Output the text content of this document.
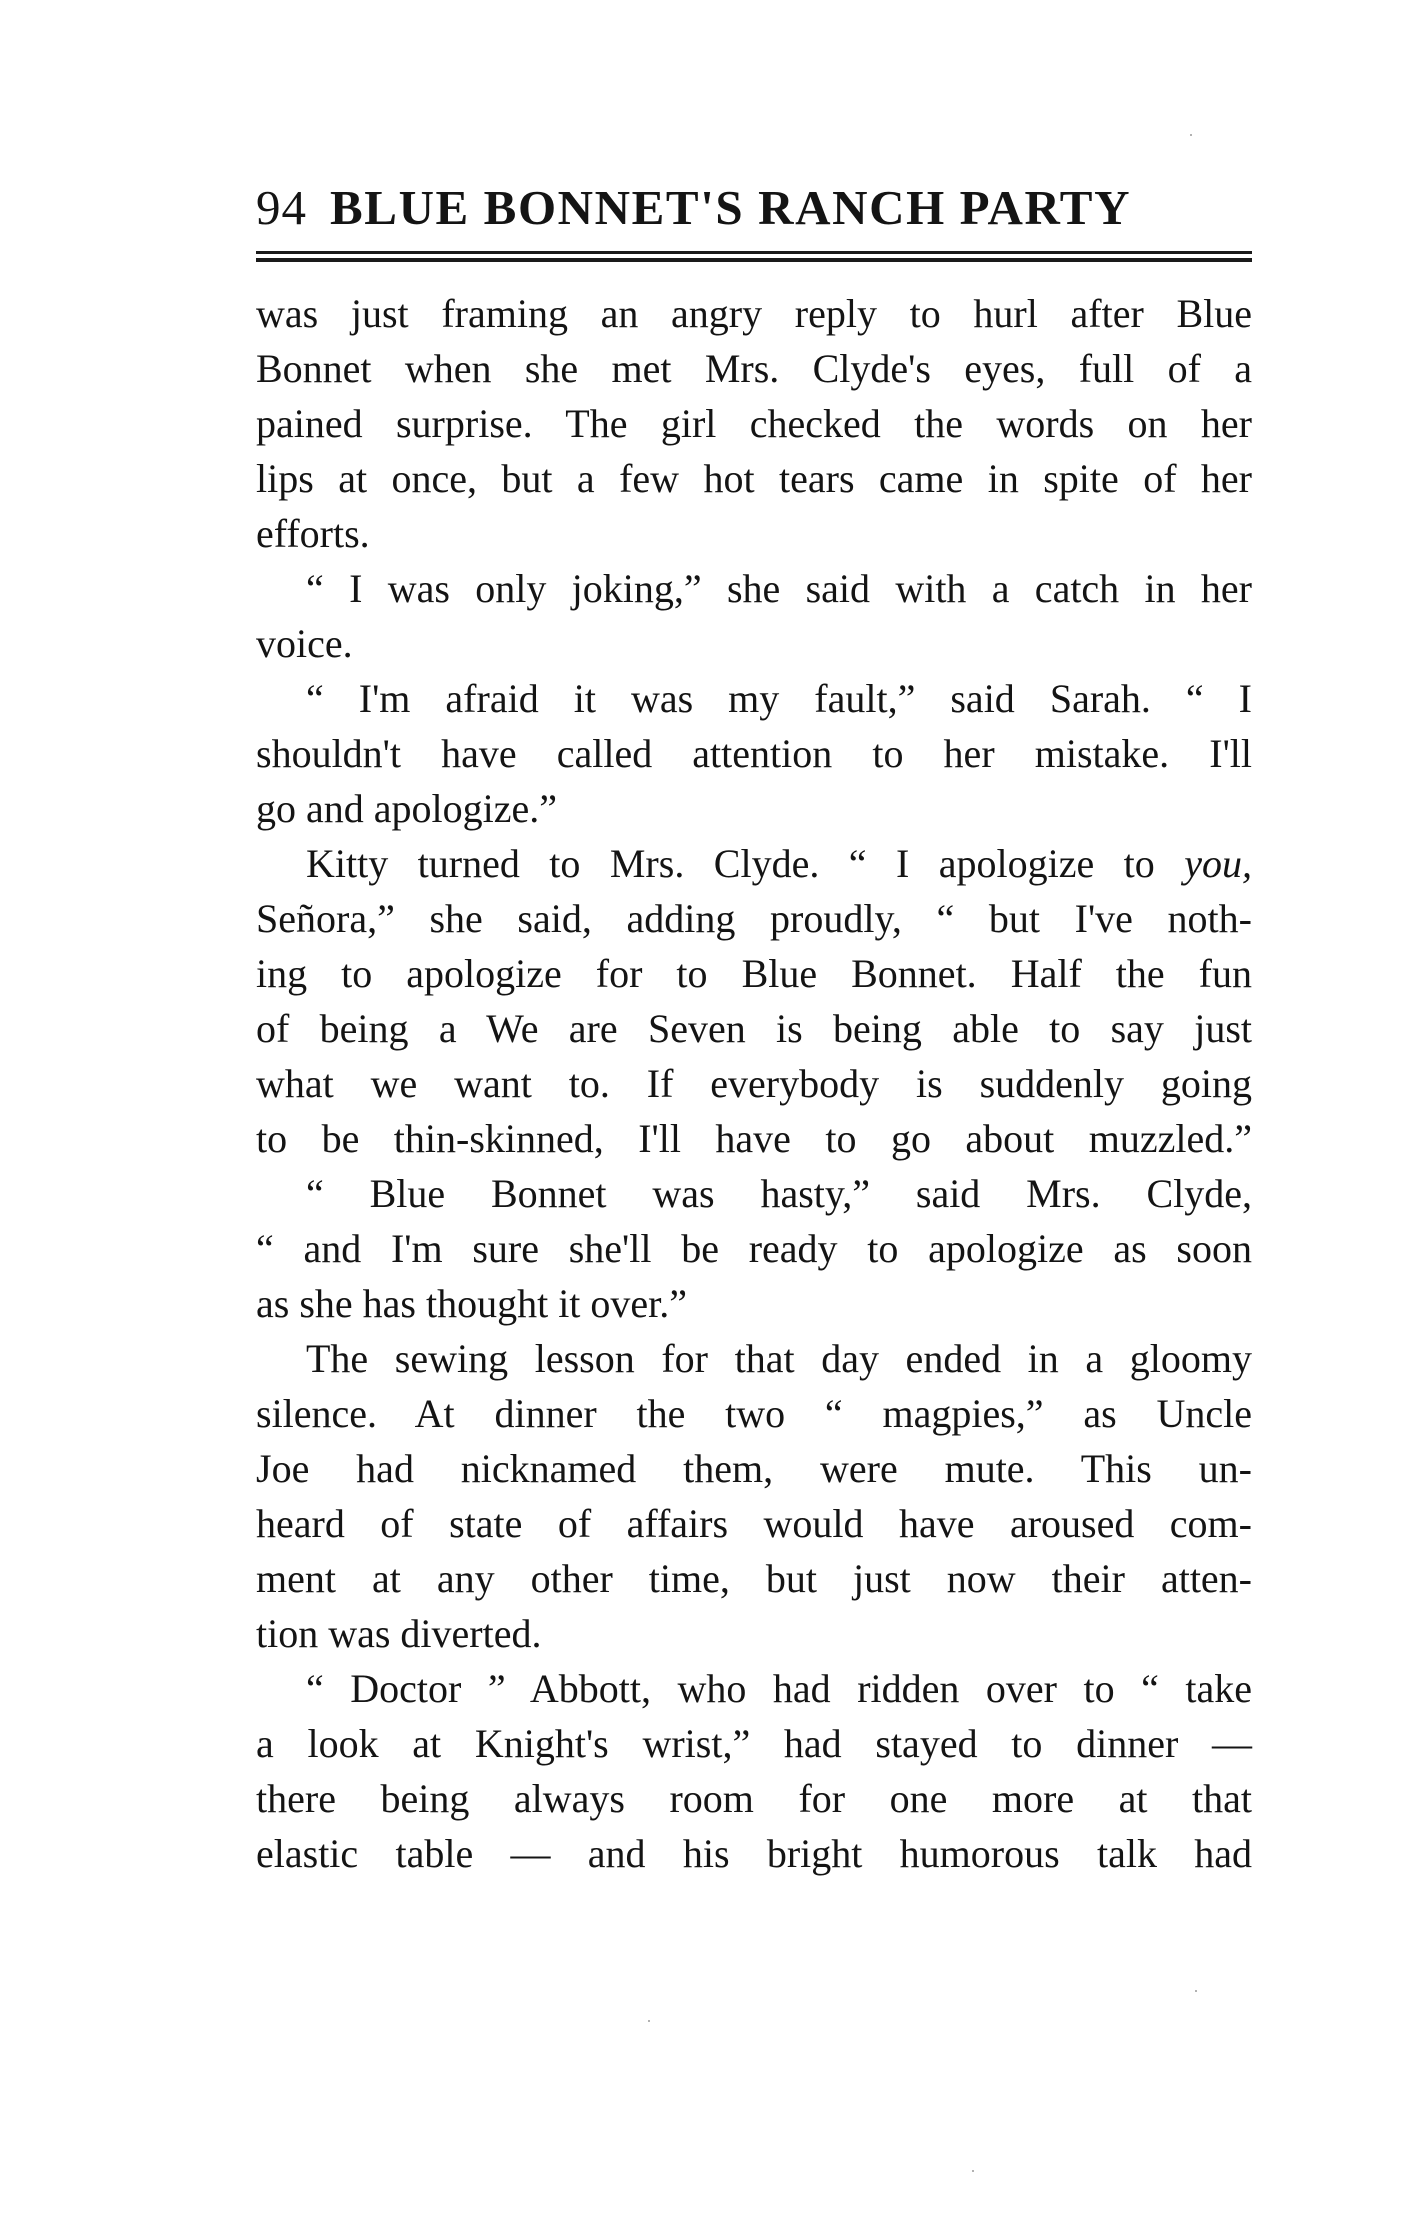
94 BLUE BONNET'S RANCH PARTY
was just framing an angry reply to hurl after Blue
Bonnet when she met Mrs. Clyde's eyes, full of a
pained surprise. The girl checked the words on her
lips at once, but a few hot tears came in spite of her
efforts.
“ I was only joking,” she said with a catch in her
voice.
“ I'm afraid it was my fault,” said Sarah. “ I
shouldn't have called attention to her mistake. I'll
go and apologize.”
Kitty turned to Mrs. Clyde. “ I apologize to you,
Señora,” she said, adding proudly, “ but I've noth-
ing to apologize for to Blue Bonnet. Half the fun
of being a We are Seven is being able to say just
what we want to. If everybody is suddenly going
to be thin-skinned, I'll have to go about muzzled.”
“ Blue Bonnet was hasty,” said Mrs. Clyde,
“ and I'm sure she'll be ready to apologize as soon
as she has thought it over.”
The sewing lesson for that day ended in a gloomy
silence. At dinner the two “ magpies,” as Uncle
Joe had nicknamed them, were mute. This un-
heard of state of affairs would have aroused com-
ment at any other time, but just now their atten-
tion was diverted.
“ Doctor ” Abbott, who had ridden over to “ take
a look at Knight's wrist,” had stayed to dinner —
there being always room for one more at that
elastic table — and his bright humorous talk had
